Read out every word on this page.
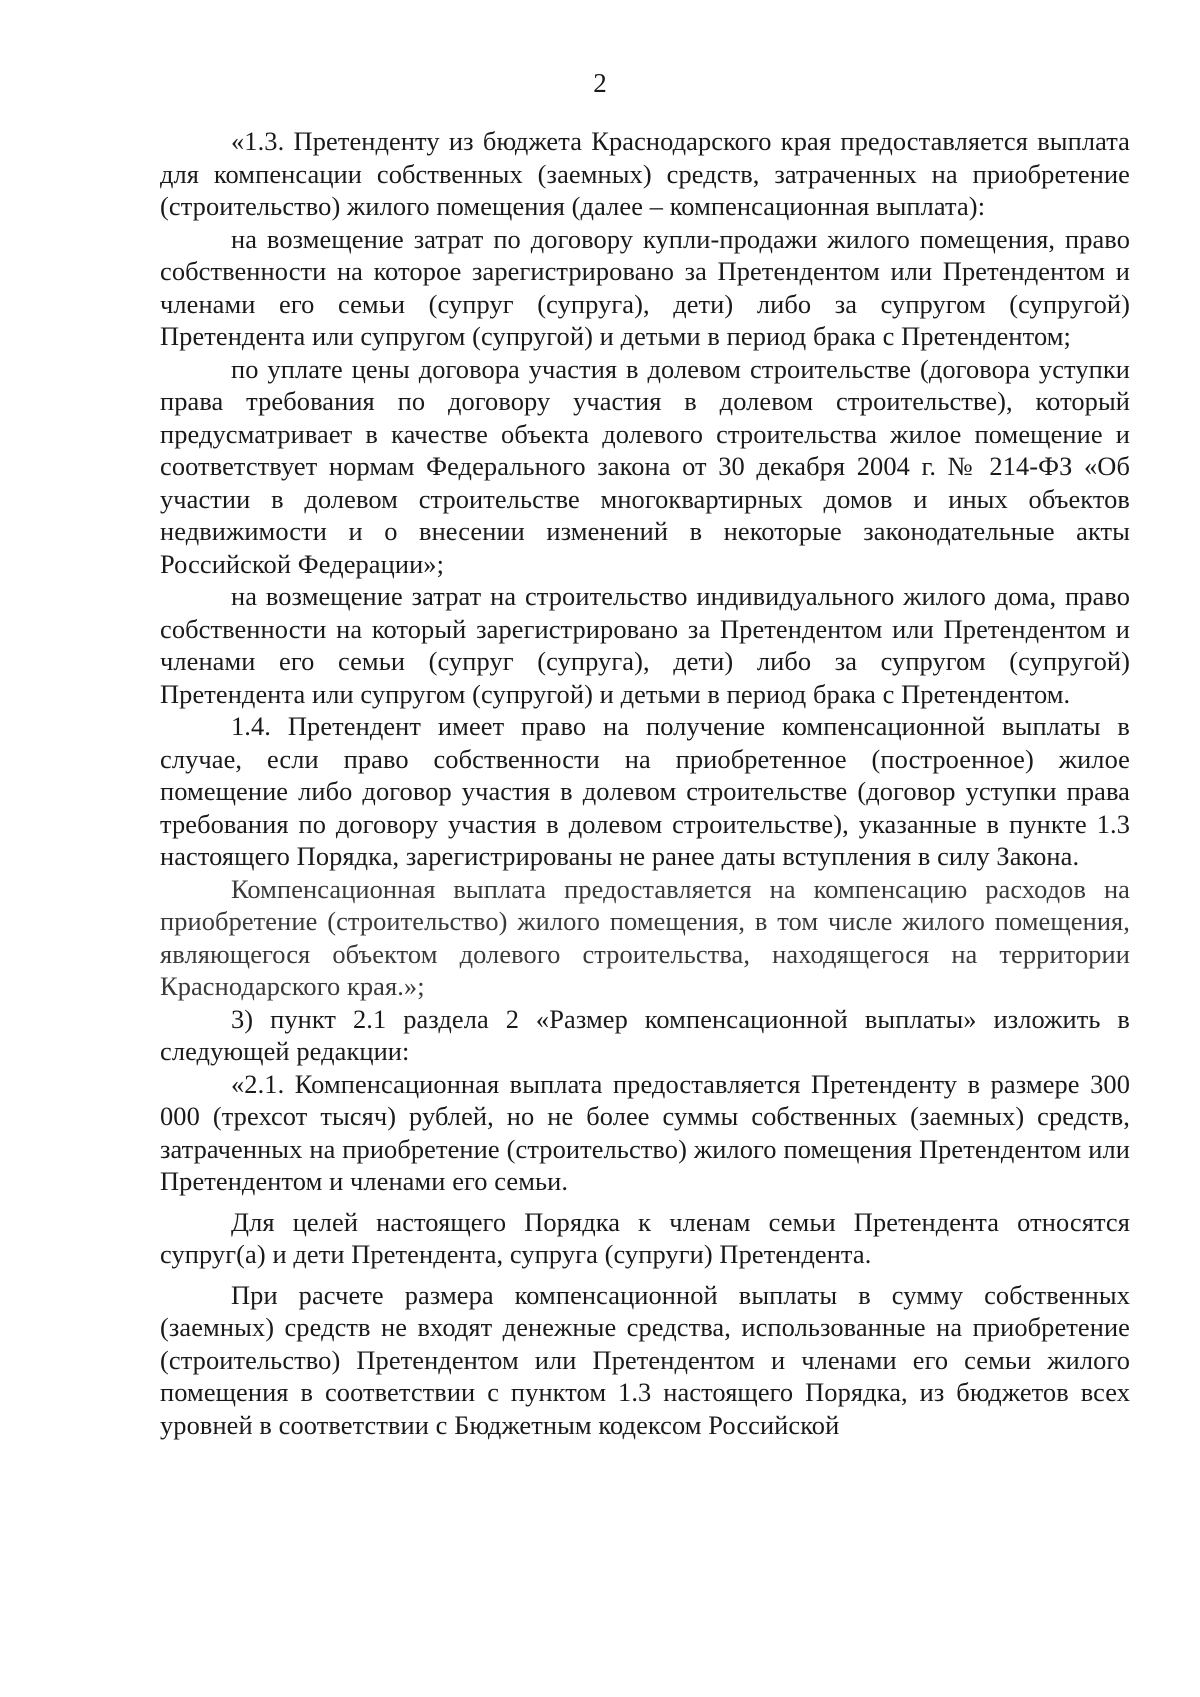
2

«1.3. Претенденту из бюджета Краснодарского края предоставляется выплата для компенсации собственных (заемных) средств, затраченных на приобретение (строительство) жилого помещения (далее – компенсационная выплата):

на возмещение затрат по договору купли-продажи жилого помещения, право собственности на которое зарегистрировано за Претендентом или Претендентом и членами его семьи (супруг (супруга), дети) либо за супругом (супругой) Претендента или супругом (супругой) и детьми в период брака с Претендентом;

по уплате цены договора участия в долевом строительстве (договора уступки права требования по договору участия в долевом строительстве), который предусматривает в качестве объекта долевого строительства жилое помещение и соответствует нормам Федерального закона от 30 декабря 2004 г. № 214-ФЗ «Об участии в долевом строительстве многоквартирных домов и иных объектов недвижимости и о внесении изменений в некоторые законодательные акты Российской Федерации»;

на возмещение затрат на строительство индивидуального жилого дома, право собственности на который зарегистрировано за Претендентом или Претендентом и членами его семьи (супруг (супруга), дети) либо за супругом (супругой) Претендента или супругом (супругой) и детьми в период брака с Претендентом.

1.4. Претендент имеет право на получение компенсационной выплаты в случае, если право собственности на приобретенное (построенное) жилое помещение либо договор участия в долевом строительстве (договор уступки права требования по договору участия в долевом строительстве), указанные в пункте 1.3 настоящего Порядка, зарегистрированы не ранее даты вступления в силу Закона.

Компенсационная выплата предоставляется на компенсацию расходов на приобретение (строительство) жилого помещения, в том числе жилого помещения, являющегося объектом долевого строительства, находящегося на территории Краснодарского края.»;

3) пункт 2.1 раздела 2 «Размер компенсационной выплаты» изложить в следующей редакции:

«2.1. Компенсационная выплата предоставляется Претенденту в размере 300 000 (трехсот тысяч) рублей, но не более суммы собственных (заемных) средств, затраченных на приобретение (строительство) жилого помещения Претендентом или Претендентом и членами его семьи.

Для целей настоящего Порядка к членам семьи Претендента относятся супруг(а) и дети Претендента, супруга (супруги) Претендента.

При расчете размера компенсационной выплаты в сумму собственных (заемных) средств не входят денежные средства, использованные на приобретение (строительство) Претендентом или Претендентом и членами его семьи жилого помещения в соответствии с пунктом 1.3 настоящего Порядка, из бюджетов всех уровней в соответствии с Бюджетным кодексом Российской
